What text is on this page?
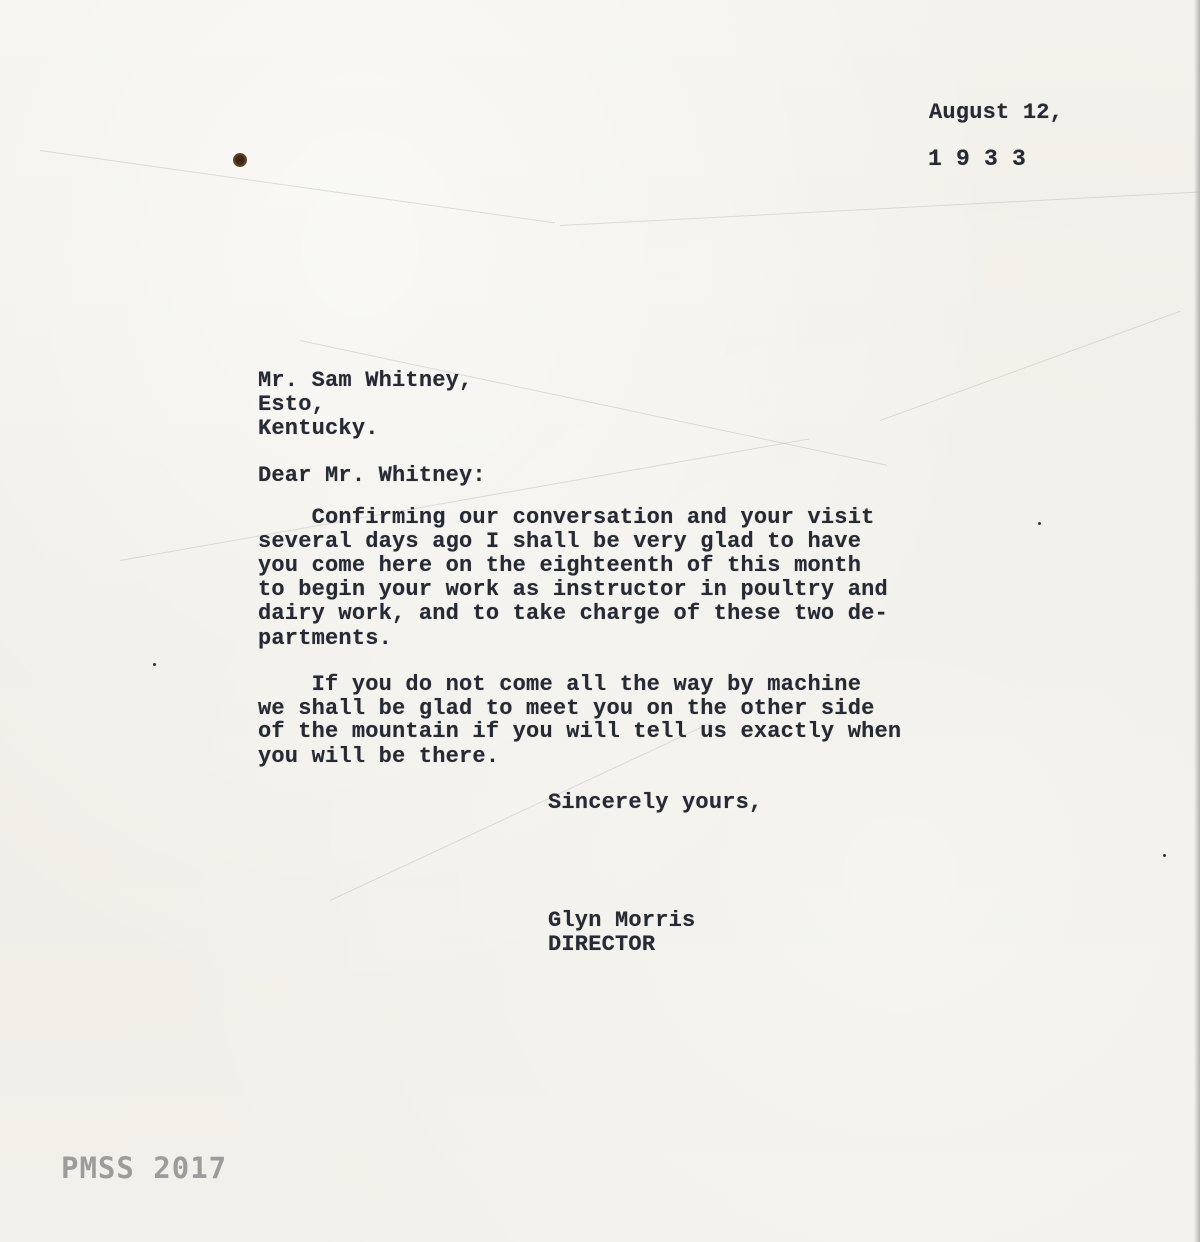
August 12,
1 9 3 3
Mr. Sam Whitney,
Esto,
Kentucky.
Dear Mr. Whitney:
Confirming our conversation and your visit
several days ago I shall be very glad to have
you come here on the eighteenth of this month
to begin your work as instructor in poultry and
dairy work, and to take charge of these two de-
partments.
If you do not come all the way by machine
we shall be glad to meet you on the other side
of the mountain if you will tell us exactly when
you will be there.
Sincerely yours,
Glyn Morris
DIRECTOR
PMSS 2017
